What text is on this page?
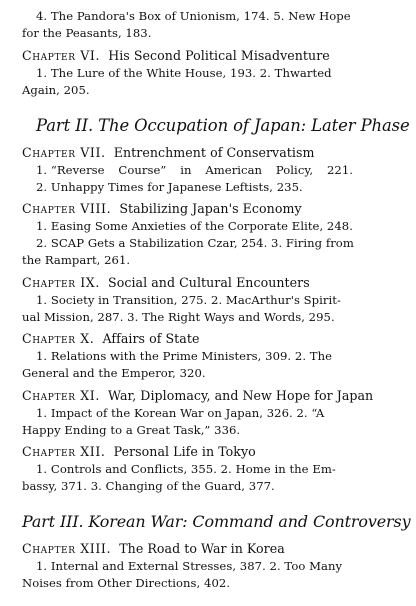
4. The Pandora's Box of Unionism, 174. 5. New Hope
for the Peasants, 183.
Chapter VI. His Second Political Misadventure
1. The Lure of the White House, 193. 2. Thwarted
Again, 205.
Part II. The Occupation of Japan: Later Phase
Chapter VII. Entrenchment of Conservatism
1. “Reverse Course” in American Policy, 221.
2. Unhappy Times for Japanese Leftists, 235.
Chapter VIII. Stabilizing Japan's Economy
1. Easing Some Anxieties of the Corporate Elite, 248.
2. SCAP Gets a Stabilization Czar, 254. 3. Firing from
the Rampart, 261.
Chapter IX. Social and Cultural Encounters
1. Society in Transition, 275. 2. MacArthur's Spirit-
ual Mission, 287. 3. The Right Ways and Words, 295.
Chapter X. Affairs of State
1. Relations with the Prime Ministers, 309. 2. The
General and the Emperor, 320.
Chapter XI. War, Diplomacy, and New Hope for Japan
1. Impact of the Korean War on Japan, 326. 2. “A
Happy Ending to a Great Task,” 336.
Chapter XII. Personal Life in Tokyo
1. Controls and Conflicts, 355. 2. Home in the Em-
bassy, 371. 3. Changing of the Guard, 377.
Part III. Korean War: Command and Controversy
Chapter XIII. The Road to War in Korea
1. Internal and External Stresses, 387. 2. Too Many
Noises from Other Directions, 402.
